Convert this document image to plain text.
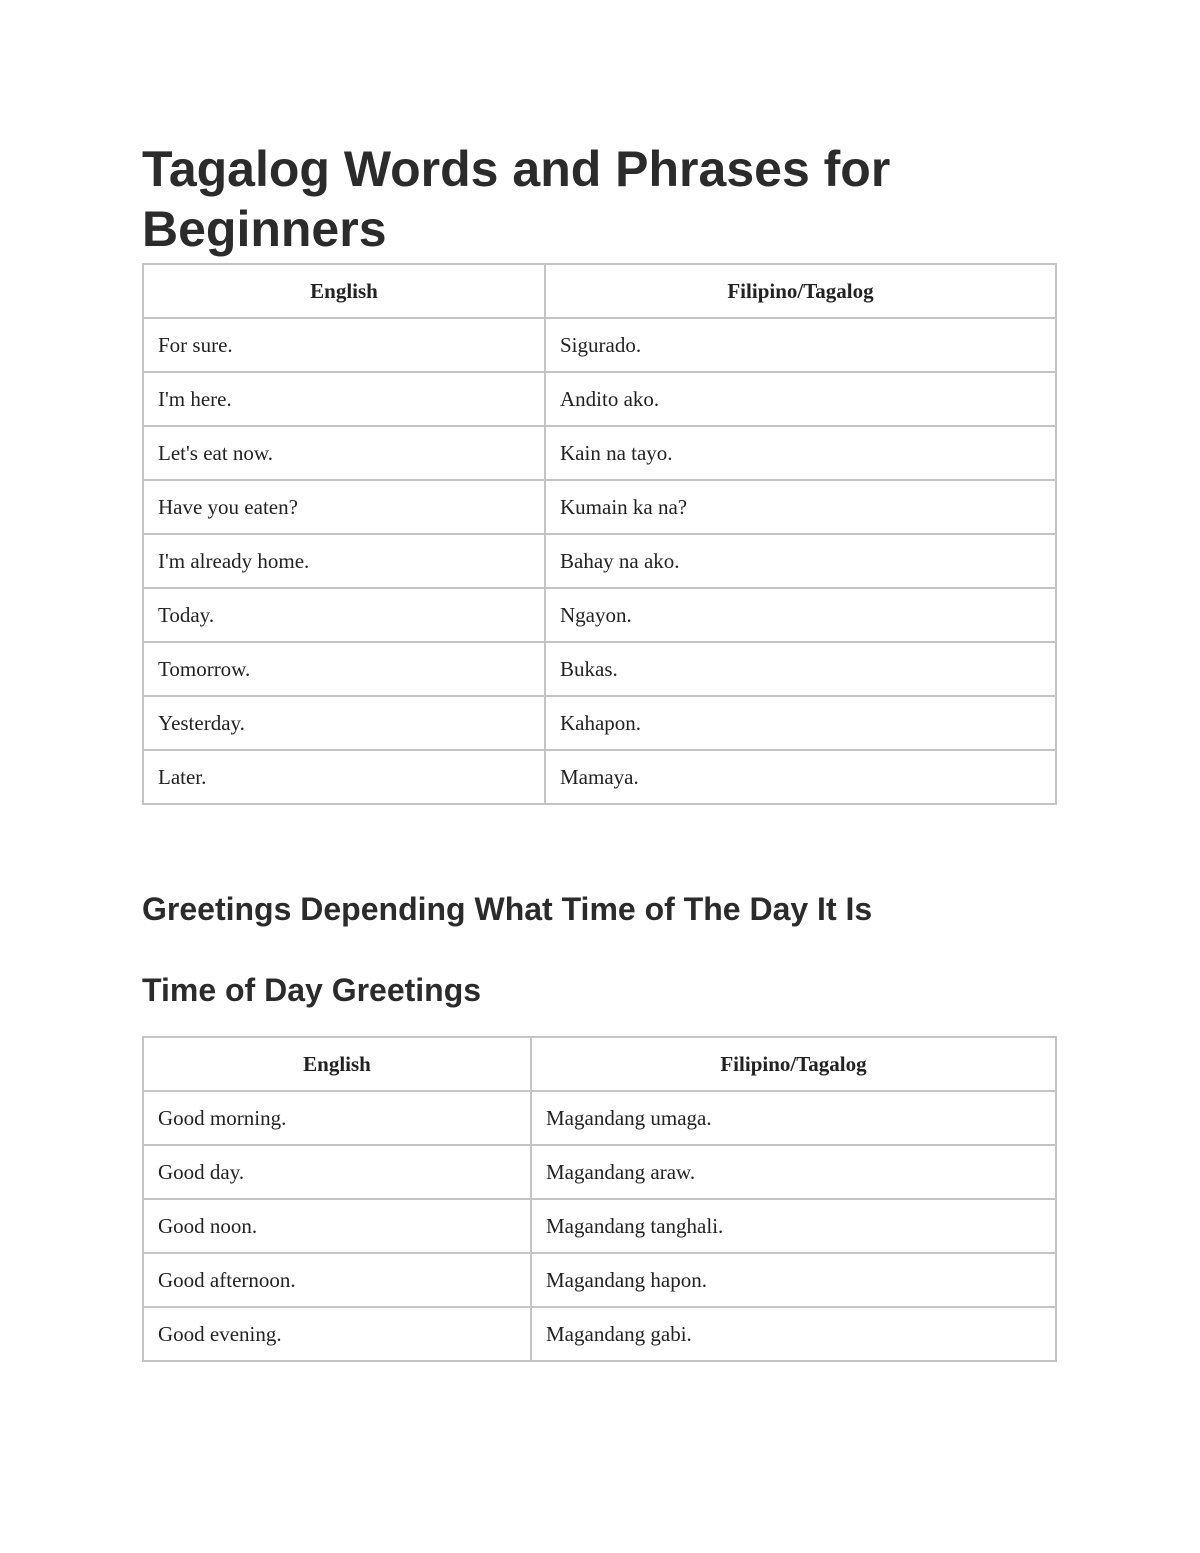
Tagalog Words and Phrases for Beginners
English	Filipino/Tagalog
For sure.	Sigurado.
I'm here.	Andito ako.
Let's eat now.	Kain na tayo.
Have you eaten?	Kumain ka na?
I'm already home.	Bahay na ako.
Today.	Ngayon.
Tomorrow.	Bukas.
Yesterday.	Kahapon.
Later.	Mamaya.
Greetings Depending What Time of The Day It Is
Time of Day Greetings
English	Filipino/Tagalog
Good morning.	Magandang umaga.
Good day.	Magandang araw.
Good noon.	Magandang tanghali.
Good afternoon.	Magandang hapon.
Good evening.	Magandang gabi.
